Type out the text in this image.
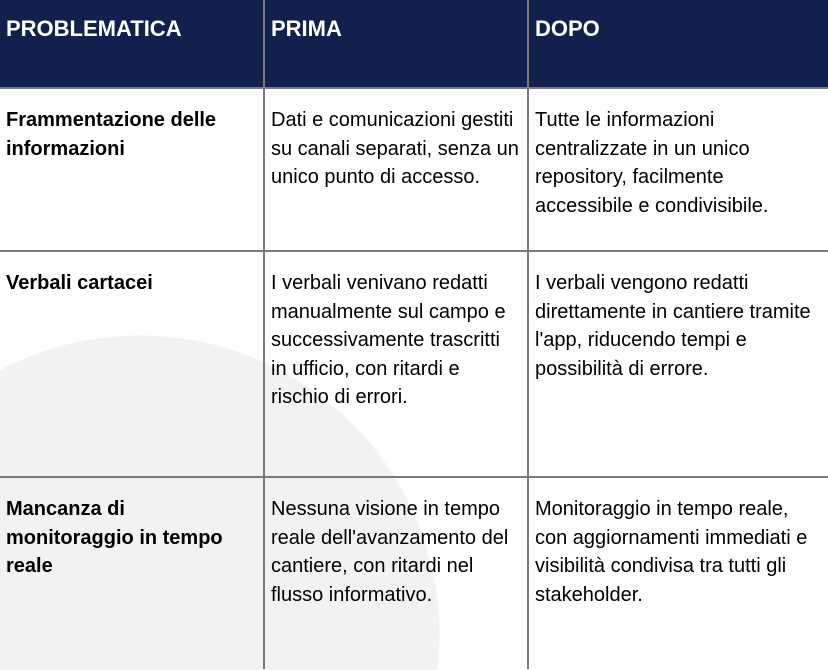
PROBLEMATICA	PRIMA	DOPO
Frammentazione delle informazioni	Dati e comunicazioni gestiti su canali separati, senza un unico punto di accesso.	Tutte le informazioni centralizzate in un unico repository, facilmente accessibile e condivisibile.
Verbali cartacei	I verbali venivano redatti manualmente sul campo e successivamente trascritti in ufficio, con ritardi e rischio di errori.	I verbali vengono redatti direttamente in cantiere tramite l'app, riducendo tempi e possibilità di errore.
Mancanza di monitoraggio in tempo reale	Nessuna visione in tempo reale dell'avanzamento del cantiere, con ritardi nel flusso informativo.	Monitoraggio in tempo reale, con aggiornamenti immediati e visibilità condivisa tra tutti gli stakeholder.
